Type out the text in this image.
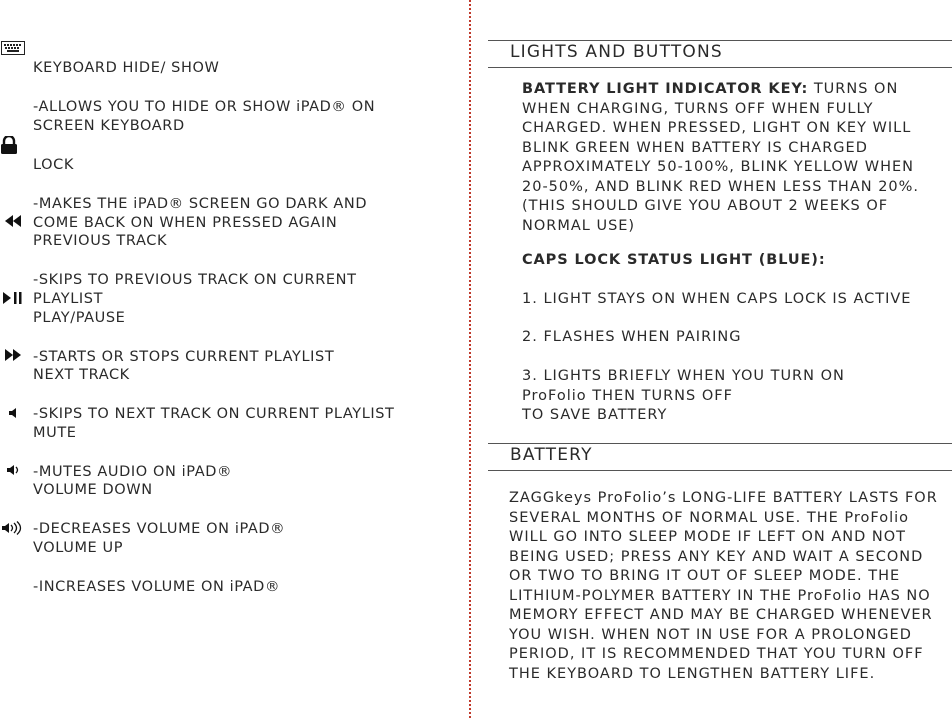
KEYBOARD HIDE/ SHOW

-ALLOWS YOU TO HIDE OR SHOW iPAD® ON
SCREEN KEYBOARD

LOCK

-MAKES THE iPAD® SCREEN GO DARK AND
COME BACK ON WHEN PRESSED AGAIN

PREVIOUS TRACK

-SKIPS TO PREVIOUS TRACK ON CURRENT
PLAYLIST

PLAY/PAUSE

-STARTS OR STOPS CURRENT PLAYLIST

NEXT TRACK

-SKIPS TO NEXT TRACK ON CURRENT PLAYLIST

MUTE

-MUTES AUDIO ON iPAD®

VOLUME DOWN

-DECREASES VOLUME ON iPAD®

VOLUME UP

-INCREASES VOLUME ON iPAD®

LIGHTS AND BUTTONS
BATTERY LIGHT INDICATOR KEY: TURNS ON WHEN CHARGING, TURNS OFF WHEN FULLY CHARGED. WHEN PRESSED, LIGHT ON KEY WILL BLINK GREEN WHEN BATTERY IS CHARGED APPROXIMATELY 50-100%, BLINK YELLOW WHEN 20-50%, AND BLINK RED WHEN LESS THAN 20%. (THIS SHOULD GIVE YOU ABOUT 2 WEEKS OF NORMAL USE)
CAPS LOCK STATUS LIGHT (BLUE):
1. LIGHT STAYS ON WHEN CAPS LOCK IS ACTIVE
2. FLASHES WHEN PAIRING
3. LIGHTS BRIEFLY WHEN YOU TURN ON
ProFolio THEN TURNS OFF
TO SAVE BATTERY
BATTERY
ZAGGkeys ProFolio’s LONG-LIFE BATTERY LASTS FOR SEVERAL MONTHS OF NORMAL USE. THE ProFolio WILL GO INTO SLEEP MODE IF LEFT ON AND NOT BEING USED; PRESS ANY KEY AND WAIT A SECOND OR TWO TO BRING IT OUT OF SLEEP MODE. THE LITHIUM-POLYMER BATTERY IN THE ProFolio HAS NO MEMORY EFFECT AND MAY BE CHARGED WHENEVER YOU WISH. WHEN NOT IN USE FOR A PROLONGED PERIOD, IT IS RECOMMENDED THAT YOU TURN OFF THE KEYBOARD TO LENGTHEN BATTERY LIFE.
